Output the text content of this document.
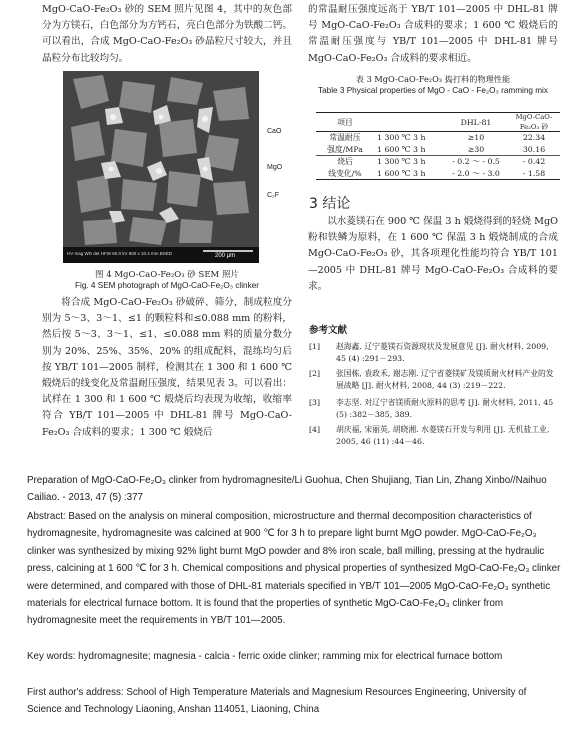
MgO-CaO-Fe₂O₃ 砂的 SEM 照片见图 4，其中的灰色部分为方镁石，白色部分为方钙石，亮白色部分为铁酸二钙。可以看出，合成 MgO-CaO-Fe₂O₃ 砂晶粒尺寸较大，并且晶粒分布比较均匀。

HV mag WD det HFW 60.0 kV 800 x 10.4 mm BSED	200 μm
CaO
MgO
C₂F
图 4 MgO-CaO-Fe₂O₃ 砂 SEM 照片
Fig. 4 SEM photograph of MgO-CaO-Fe₂O₃ clinker

将合成 MgO-CaO-Fe₂O₃ 砂破碎、筛分，制成粒度分别为 5～3、3～1、≤1 的颗粒料和≤0.088 mm 的粉料，然后按 5～3、3～1、≤1、≤0.088 mm 料的质量分数分别为 20%、25%、35%、20% 的组成配料，混练均匀后按 YB/T 101—2005 制样，检测其在 1 300 和 1 600 ℃ 煅烧后的线变化及常温耐压强度，结果见表 3。可以看出：试样在 1 300 和 1 600 ℃ 煅烧后均表现为收缩，收缩率符合 YB/T 101—2005 中 DHL-81 牌号 MgO-CaO-Fe₂O₃ 合成料的要求；1 300 ℃ 煅烧后

的常温耐压强度远高于 YB/T 101—2005 中 DHL-81 牌号 MgO-CaO-Fe₂O₃ 合成料的要求；1 600 ℃ 煅烧后的常温耐压强度与 YB/T 101—2005 中 DHL-81 牌号 MgO-CaO-Fe₂O₃ 合成料的要求相近。

表 3 MgO-CaO-Fe₂O₃ 捣打料的物理性能
Table 3 Physical properties of MgO - CaO - Fe₂O₃ ramming mix
项目		DHL-81	MgO-CaO-Fe₂O₃ 砂
常温耐压	1 300 ℃ 3 h	≥10	22.34
强度/MPa	1 600 ℃ 3 h	≥30	30.16
烧后	1 300 ℃ 3 h	- 0.2 ～ - 0.5	- 0.42
线变化/%	1 600 ℃ 3 h	- 2.0 ～ - 3.0	- 1.58
3 结论

以水菱镁石在 900 ℃ 保温 3 h 煅烧得到的轻烧 MgO 粉和铁鳞为原料，在 1 600 ℃ 保温 3 h 煅烧制成的合成 MgO-CaO-Fe₂O₃ 砂，其各项理化性能均符合 YB/T 101—2005 中 DHL-81 牌号 MgO-CaO-Fe₂O₃ 合成料的要求。

参考文献
[1] 赵海鑫. 辽宁菱镁石资源现状及发展意见 [J]. 耐火材料, 2009, 45 (4) :291－293.
[2] 张国栋, 袁政禾, 谢志刚. 辽宁省菱镁矿及镁质耐火材料产业的发展战略 [J]. 耐火材料, 2008, 44 (3) :219－222.
[3] 李志坚. 对辽宁省镁质耐火原料的思考 [J]. 耐火材料, 2011, 45 (5) :382－385, 389.
[4] 胡庆福, 宋丽英, 胡晓湘. 水菱镁石开发与利用 [J]. 无机盐工业, 2005, 46 (11) :44－46.

Preparation of MgO-CaO-Fe₂O₃ clinker from hydromagnesite/Li Guohua, Chen Shujiang, Tian Lin, Zhang Xinbo//Naihuo Cailiao. - 2013, 47 (5) :377

Abstract: Based on the analysis on mineral composition, microstructure and thermal decomposition characteristics of hydromagnesite, hydromagnesite was calcined at 900 ℃ for 3 h to prepare light burnt MgO powder. MgO-CaO-Fe₂O₃ clinker was synthesized by mixing 92% light burnt MgO powder and 8% iron scale, ball milling, pressing at the hydraulic press, calcining at 1 600 ℃ for 3 h. Chemical compositions and physical properties of synthesized MgO-CaO-Fe₂O₃ clinker were determined, and compared with those of DHL-81 materials specified in YB/T 101—2005 MgO-CaO-Fe₂O₃ synthetic materials for electrical furnace bottom. It is found that the properties of synthetic MgO-CaO-Fe₂O₃ clinker from hydromagnesite meet the requirements in YB/T 101—2005.

Key words: hydromagnesite; magnesia - calcia - ferric oxide clinker; ramming mix for electrical furnace bottom

First author's address: School of High Temperature Materials and Magnesium Resources Engineering, University of Science and Technology Liaoning, Anshan 114051, Liaoning, China
